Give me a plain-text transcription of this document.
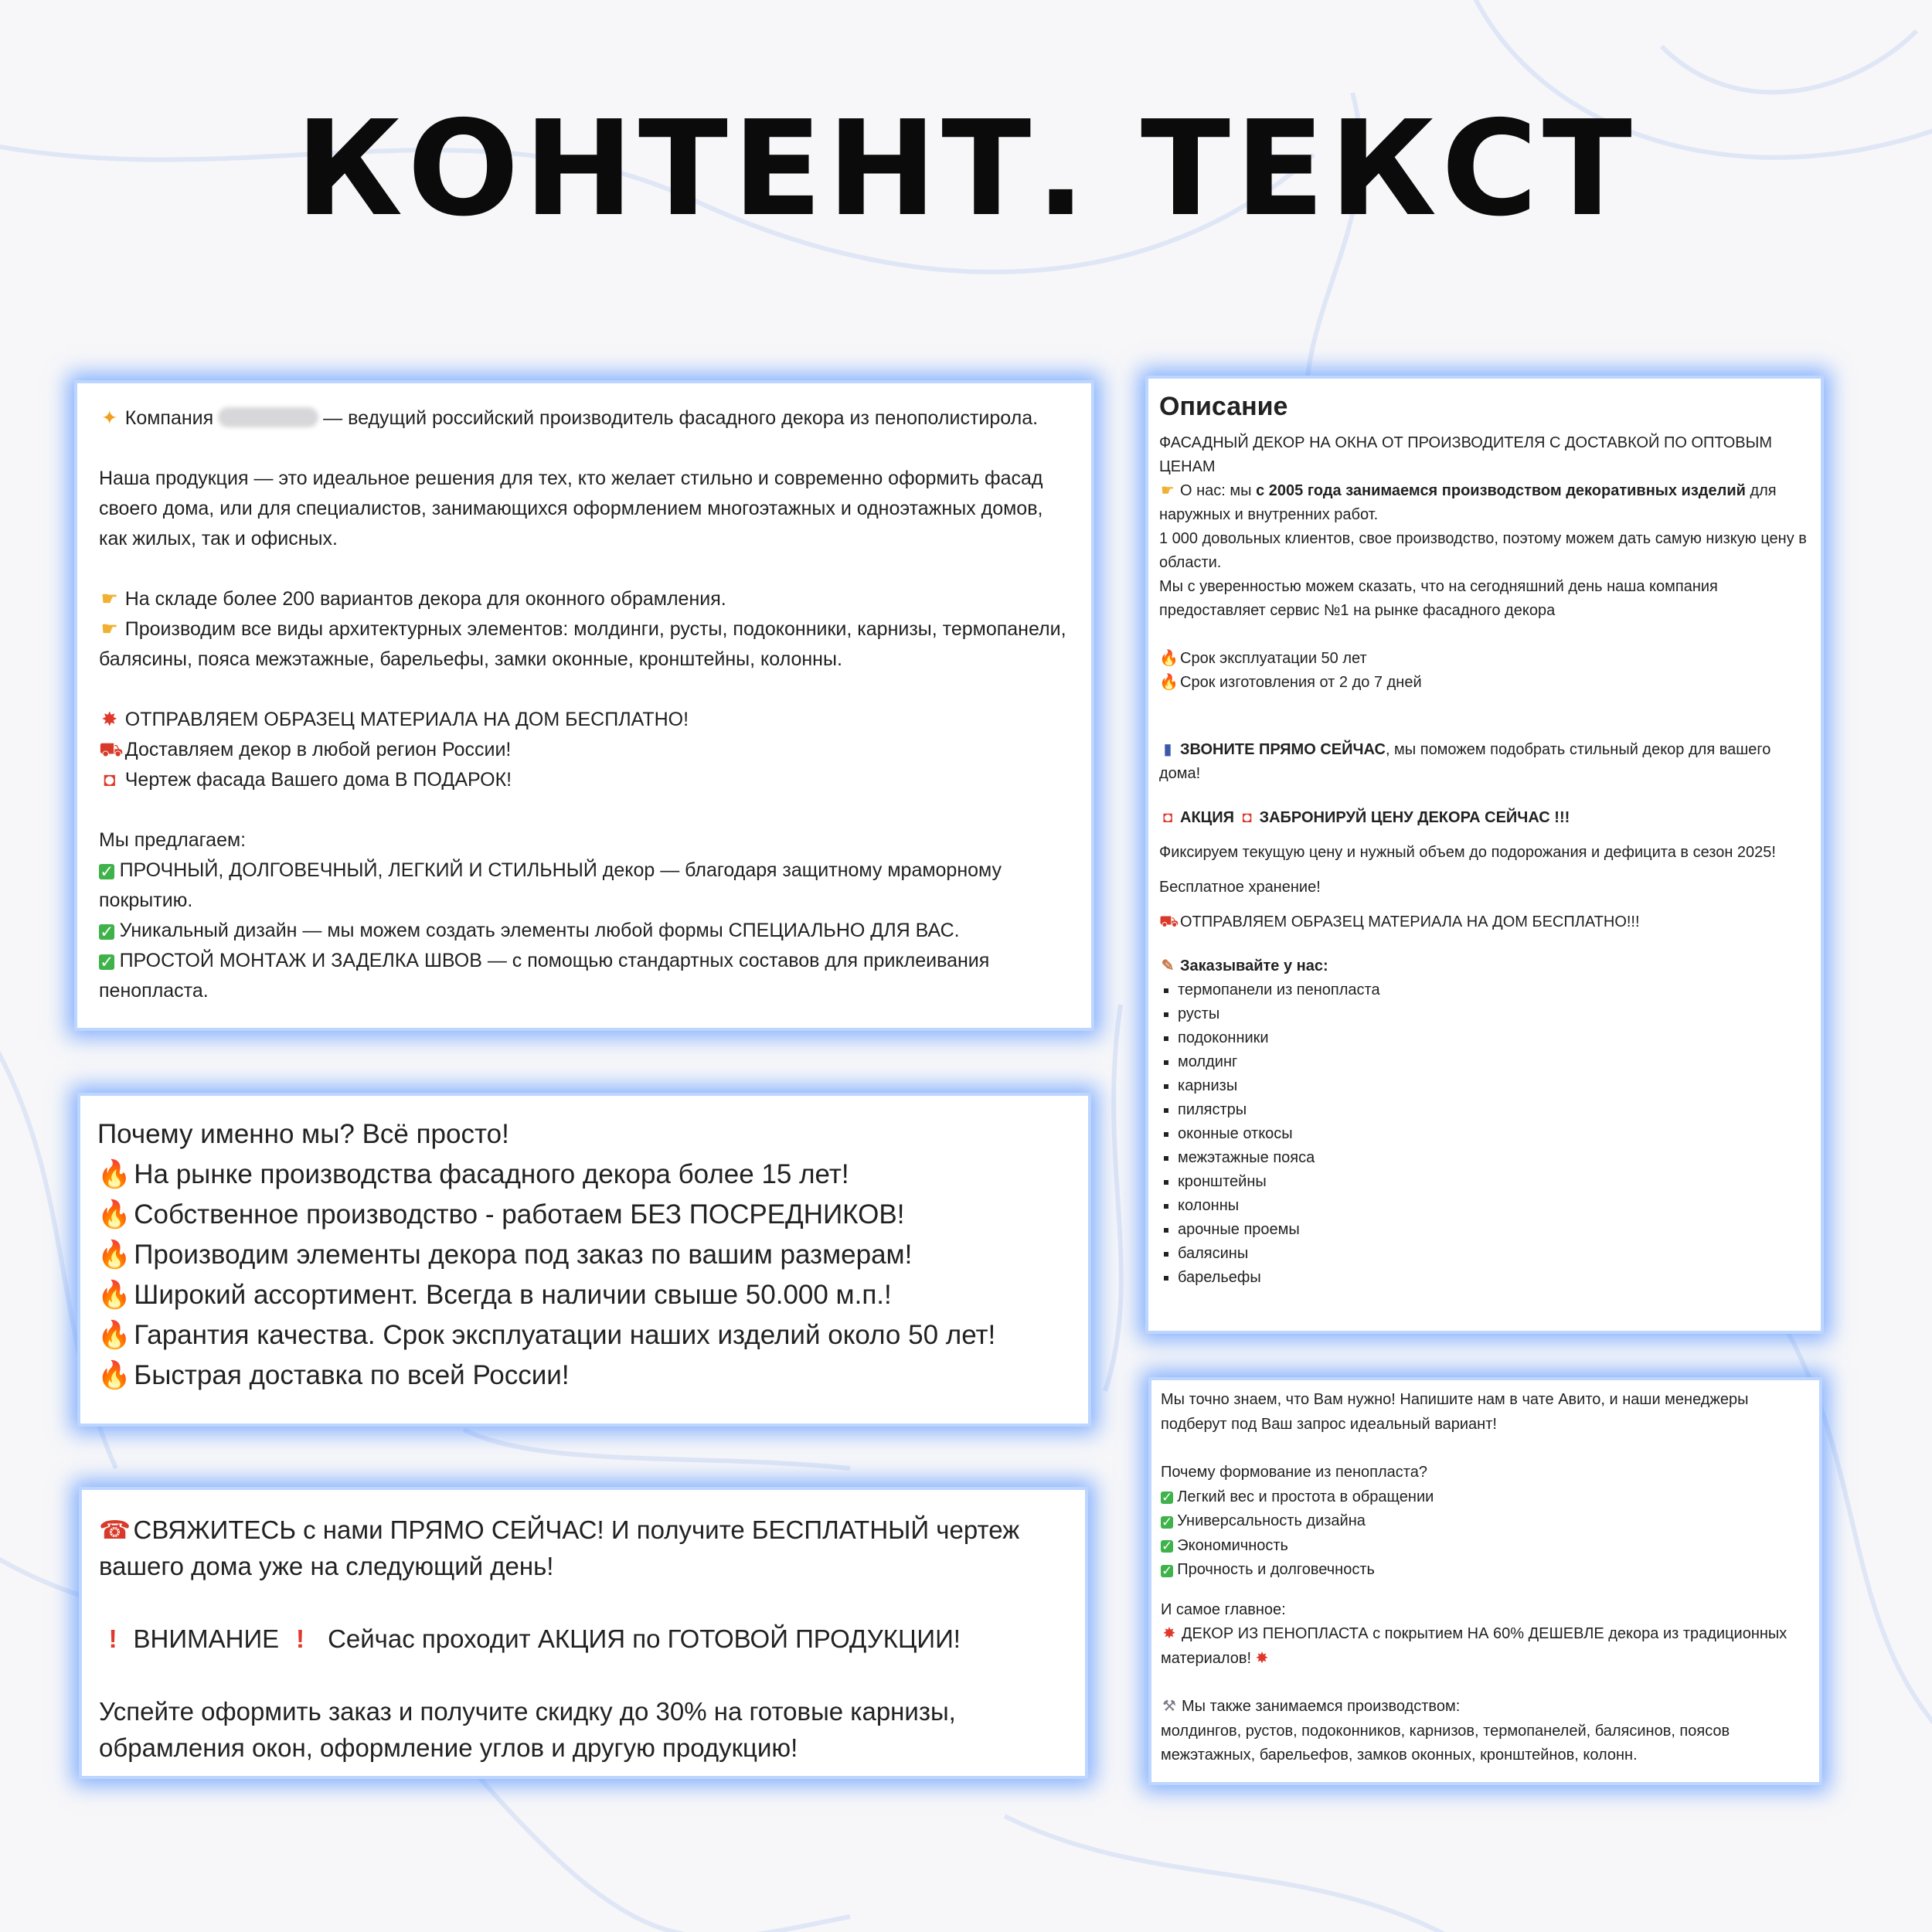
КОНТЕНТ. ТЕКСТ

✦ Компания	— ведущий российский производитель фасадного декора из пенополистирола.

Наша продукция — это идеальное решения для тех, кто желает стильно и современно оформить фасад своего дома, или для специалистов, занимающихся оформлением многоэтажных и одноэтажных домов, как жилых, так и офисных.

☛ На складе более 200 вариантов декора для оконного обрамления.

☛ Производим все виды архитектурных элементов: молдинги, русты, подоконники, карнизы, термопанели, балясины, пояса межэтажные, барельефы, замки оконные, кронштейны, колонны.

✸ ОТПРАВЛЯЕМ ОБРАЗЕЦ МАТЕРИАЛА НА ДОМ БЕСПЛАТНО!

⛟Доставляем декор в любой регион России!

◘ Чертеж фасада Вашего дома В ПОДАРОК!

Мы предлагаем:

✓ ПРОЧНЫЙ, ДОЛГОВЕЧНЫЙ, ЛЕГКИЙ И СТИЛЬНЫЙ декор — благодаря защитному мраморному покрытию.

✓ Уникальный дизайн — мы можем создать элементы любой формы СПЕЦИАЛЬНО ДЛЯ ВАС.

✓ ПРОСТОЙ МОНТАЖ И ЗАДЕЛКА ШВОВ — с помощью стандартных составов для приклеивания пенопласта.

Почему именно мы? Всё просто!

🔥 На рынке производства фасадного декора более 15 лет!

🔥 Собственное производство - работаем БЕЗ ПОСРЕДНИКОВ!

🔥 Производим элементы декора под заказ по вашим размерам!

🔥 Широкий ассортимент. Всегда в наличии свыше 50.000 м.п.!

🔥 Гарантия качества. Срок эксплуатации наших изделий около 50 лет!

🔥 Быстрая доставка по всей России!

☎ СВЯЖИТЕСЬ с нами ПРЯМО СЕЙЧАС! И получите БЕСПЛАТНЫЙ чертеж вашего дома уже на следующий день!

! ВНИМАНИЕ ! Сейчас проходит АКЦИЯ по ГОТОВОЙ ПРОДУКЦИИ!

Успейте оформить заказ и получите скидку до 30% на готовые карнизы, обрамления окон, оформление углов и другую продукцию!

Описание

ФАСАДНЫЙ ДЕКОР НА ОКНА ОТ ПРОИЗВОДИТЕЛЯ С ДОСТАВКОЙ ПО ОПТОВЫМ ЦЕНАМ

☛ О нас: мы с 2005 года занимаемся производством декоративных изделий для наружных и внутренних работ.

1 000 довольных клиентов, свое производство, поэтому можем дать самую низкую цену в области.

Мы с уверенностью можем сказать, что на сегодняшний день наша компания предоставляет сервис №1 на рынке фасадного декора

🔥 Срок эксплуатации 50 лет

🔥 Срок изготовления от 2 до 7 дней

▮ ЗВОНИТЕ ПРЯМО СЕЙЧАС, мы поможем подобрать стильный декор для вашего дома!

◘ АКЦИЯ ◘ ЗАБРОНИРУЙ ЦЕНУ ДЕКОРА СЕЙЧАС !!!

Фиксируем текущую цену и нужный объем до подорожания и дефицита в сезон 2025!

Бесплатное хранение!

⛟ОТПРАВЛЯЕМ ОБРАЗЕЦ МАТЕРИАЛА НА ДОМ БЕСПЛАТНО!!!

✎ Заказывайте у нас:

▪ термопанели из пенопласта
▪ русты
▪ подоконники
▪ молдинг
▪ карнизы
▪ пилястры
▪ оконные откосы
▪ межэтажные пояса
▪ кронштейны
▪ колонны
▪ арочные проемы
▪ балясины
▪ барельефы

Мы точно знаем, что Вам нужно! Напишите нам в чате Авито, и наши менеджеры подберут под Ваш запрос идеальный вариант!

Почему формование из пенопласта?

✓ Легкий вес и простота в обращении

✓ Универсальность дизайна

✓ Экономичность

✓ Прочность и долговечность

И самое главное:

✸ ДЕКОР ИЗ ПЕНОПЛАСТА с покрытием НА 60% ДЕШЕВЛЕ декора из традиционных материалов! ✸

⚒ Мы также занимаемся производством:

молдингов, рустов, подоконников, карнизов, термопанелей, балясинов, поясов межэтажных, барельефов, замков оконных, кронштейнов, колонн.
